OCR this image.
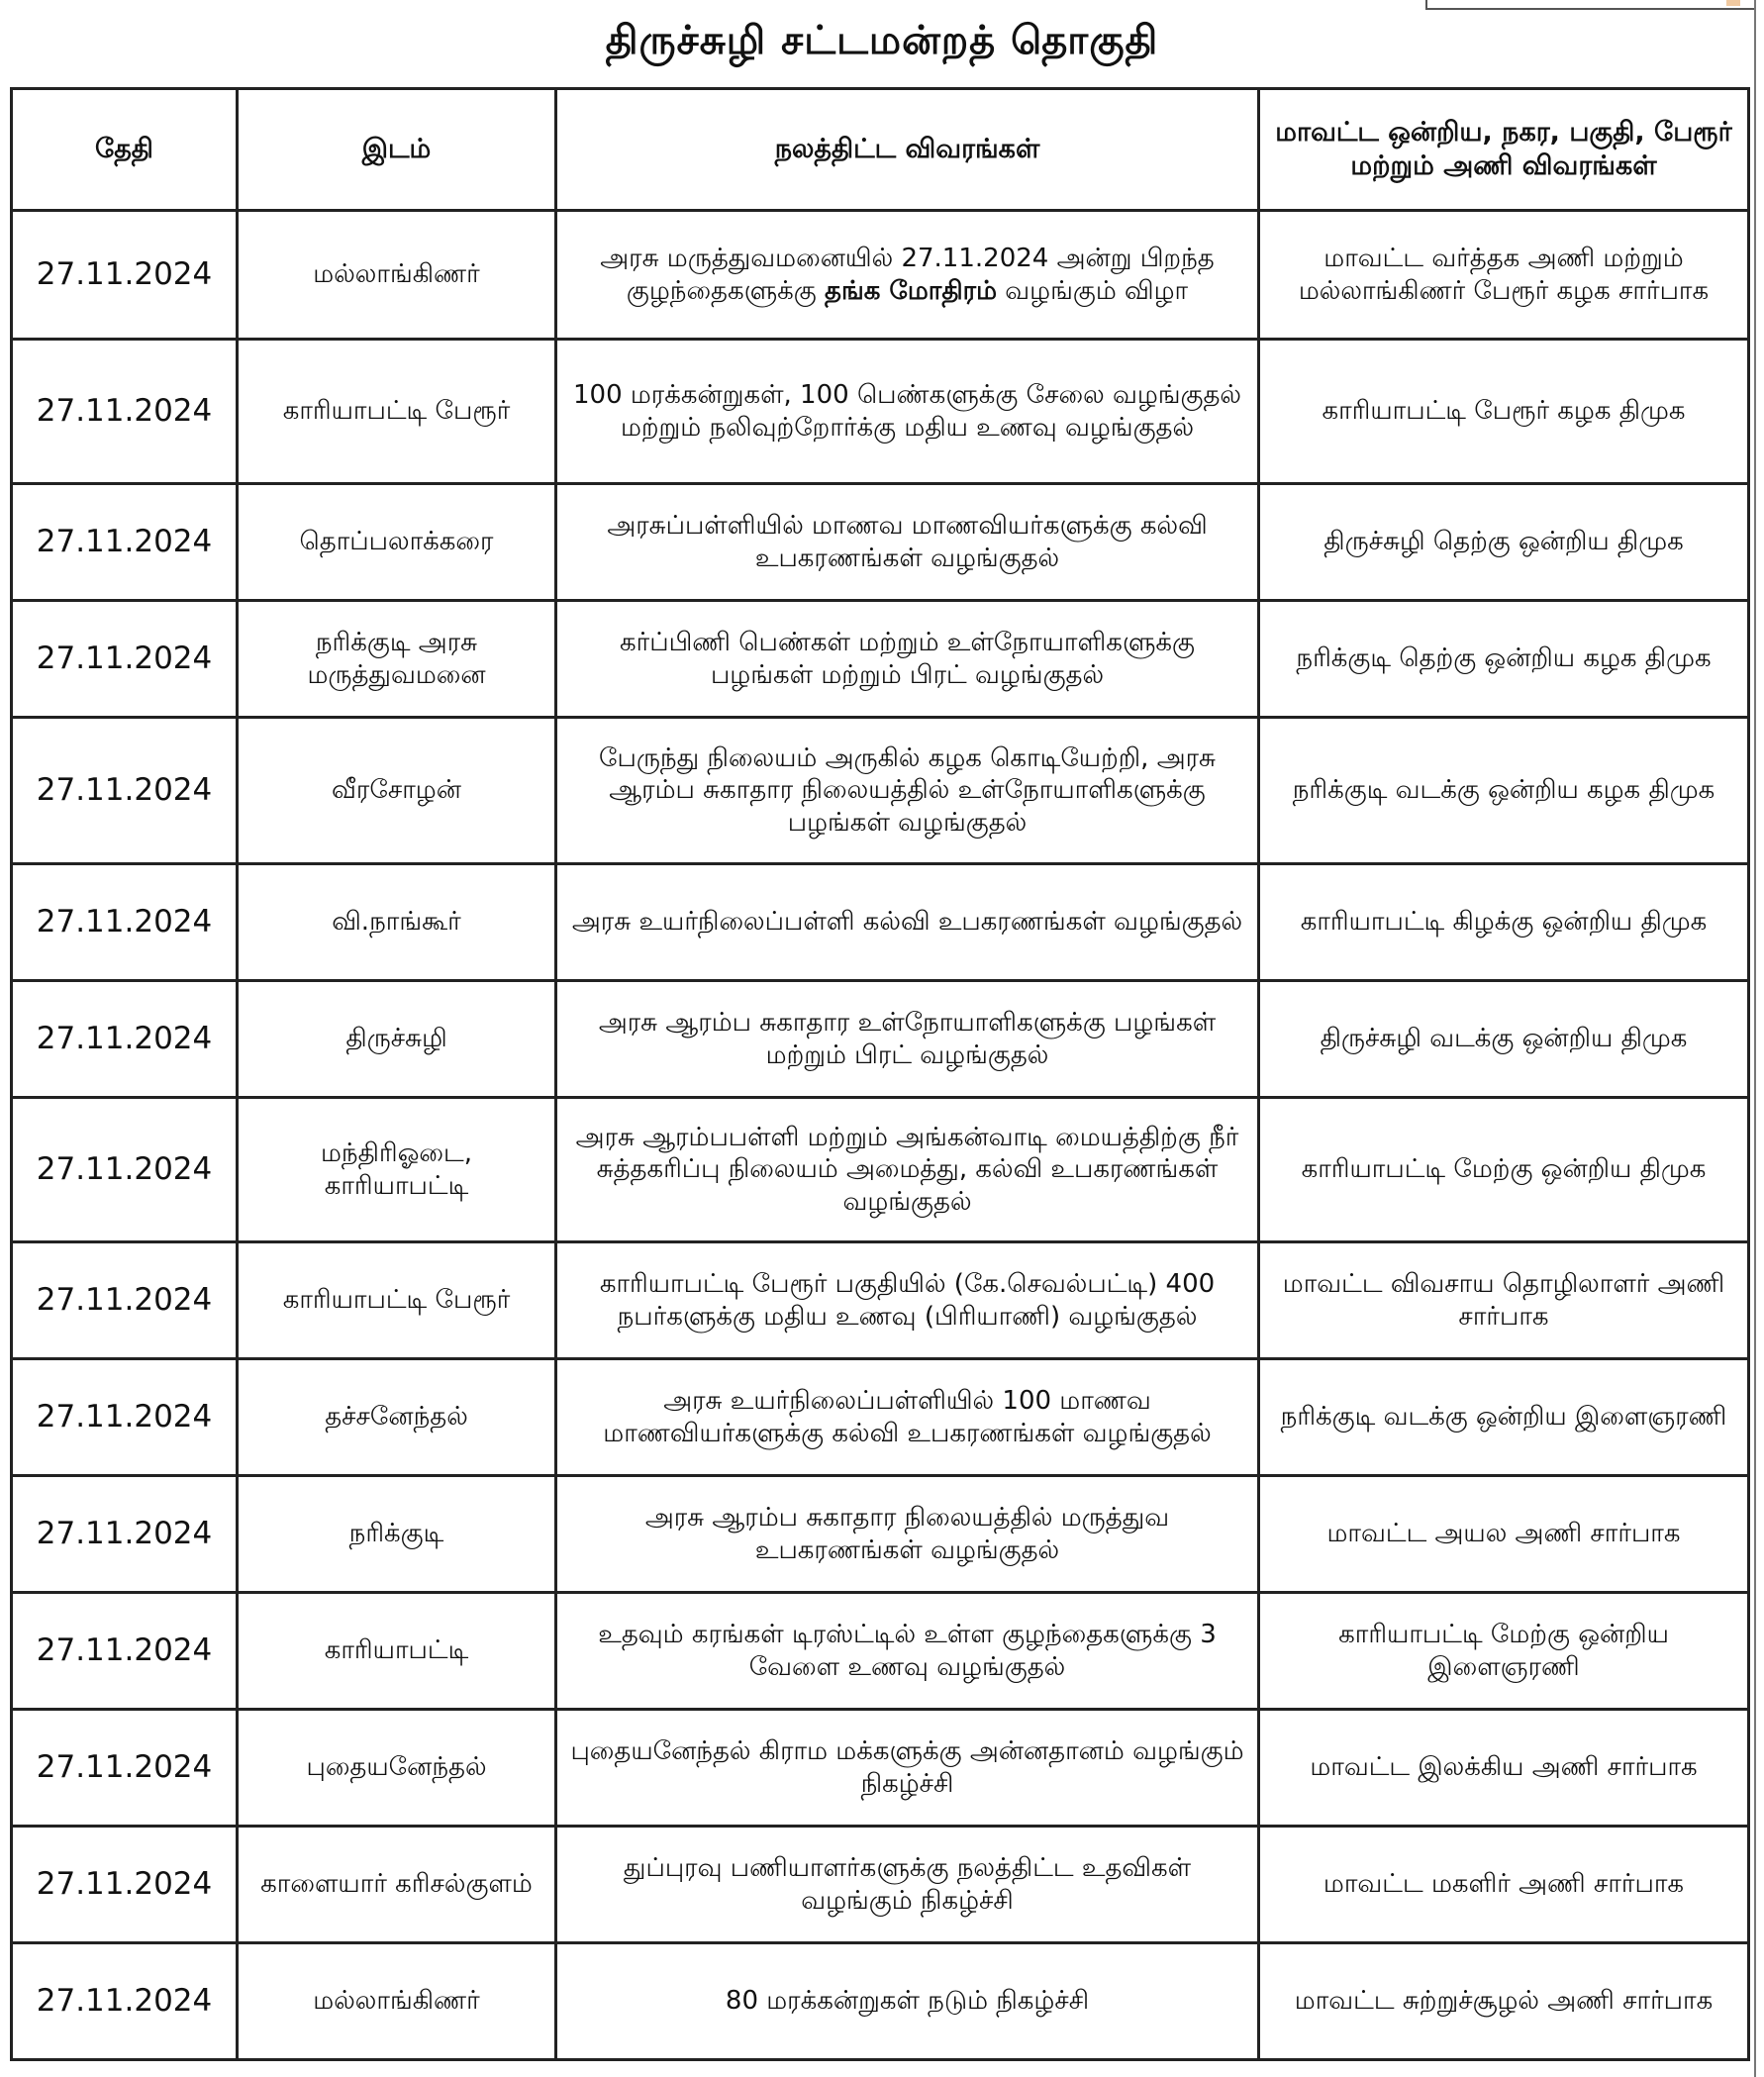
திருச்சுழி சட்டமன்றத் தொகுதி
தேதி	இடம்	நலத்திட்ட விவரங்கள்	மாவட்ட ஒன்றிய, நகர, பகுதி, பேரூர் மற்றும் அணி விவரங்கள்
27.11.2024	மல்லாங்கிணர்	அரசு மருத்துவமனையில் 27.11.2024 அன்று பிறந்த குழந்தைகளுக்கு தங்க மோதிரம் வழங்கும் விழா	மாவட்ட வர்த்தக அணி மற்றும் மல்லாங்கிணர் பேரூர் கழக சார்பாக
27.11.2024	காரியாபட்டி பேரூர்	100 மரக்கன்றுகள், 100 பெண்களுக்கு சேலை வழங்குதல் மற்றும் நலிவுற்றோர்க்கு மதிய உணவு வழங்குதல்	காரியாபட்டி பேரூர் கழக திமுக
27.11.2024	தொப்பலாக்கரை	அரசுப்பள்ளியில் மாணவ மாணவியர்களுக்கு கல்வி உபகரணங்கள் வழங்குதல்	திருச்சுழி தெற்கு ஒன்றிய திமுக
27.11.2024	நரிக்குடி அரசு மருத்துவமனை	கர்ப்பிணி பெண்கள் மற்றும் உள்நோயாளிகளுக்கு பழங்கள் மற்றும் பிரட் வழங்குதல்	நரிக்குடி தெற்கு ஒன்றிய கழக திமுக
27.11.2024	வீரசோழன்	பேருந்து நிலையம் அருகில் கழக கொடியேற்றி, அரசு ஆரம்ப சுகாதார நிலையத்தில் உள்நோயாளிகளுக்கு பழங்கள் வழங்குதல்	நரிக்குடி வடக்கு ஒன்றிய கழக திமுக
27.11.2024	வி.நாங்கூர்	அரசு உயர்நிலைப்பள்ளி கல்வி உபகரணங்கள் வழங்குதல்	காரியாபட்டி கிழக்கு ஒன்றிய திமுக
27.11.2024	திருச்சுழி	அரசு ஆரம்ப சுகாதார உள்நோயாளிகளுக்கு பழங்கள் மற்றும் பிரட் வழங்குதல்	திருச்சுழி வடக்கு ஒன்றிய திமுக
27.11.2024	மந்திரிஓடை, காரியாபட்டி	அரசு ஆரம்பபள்ளி மற்றும் அங்கன்வாடி மையத்திற்கு நீர் சுத்தகரிப்பு நிலையம் அமைத்து, கல்வி உபகரணங்கள் வழங்குதல்	காரியாபட்டி மேற்கு ஒன்றிய திமுக
27.11.2024	காரியாபட்டி பேரூர்	காரியாபட்டி பேரூர் பகுதியில் (கே.செவல்பட்டி) 400 நபர்களுக்கு மதிய உணவு (பிரியாணி) வழங்குதல்	மாவட்ட விவசாய தொழிலாளர் அணி சார்பாக
27.11.2024	தச்சனேந்தல்	அரசு உயர்நிலைப்பள்ளியில் 100 மாணவ மாணவியர்களுக்கு கல்வி உபகரணங்கள் வழங்குதல்	நரிக்குடி வடக்கு ஒன்றிய இளைஞரணி
27.11.2024	நரிக்குடி	அரசு ஆரம்ப சுகாதார நிலையத்தில் மருத்துவ உபகரணங்கள் வழங்குதல்	மாவட்ட அயல அணி சார்பாக
27.11.2024	காரியாபட்டி	உதவும் கரங்கள் டிரஸ்ட்டில் உள்ள குழந்தைகளுக்கு 3 வேளை உணவு வழங்குதல்	காரியாபட்டி மேற்கு ஒன்றிய இளைஞரணி
27.11.2024	புதையனேந்தல்	புதையனேந்தல் கிராம மக்களுக்கு அன்னதானம் வழங்கும் நிகழ்ச்சி	மாவட்ட இலக்கிய அணி சார்பாக
27.11.2024	காளையார் கரிசல்குளம்	துப்புரவு பணியாளர்களுக்கு நலத்திட்ட உதவிகள் வழங்கும் நிகழ்ச்சி	மாவட்ட மகளிர் அணி சார்பாக
27.11.2024	மல்லாங்கிணர்	80 மரக்கன்றுகள் நடும் நிகழ்ச்சி	மாவட்ட சுற்றுச்சூழல் அணி சார்பாக
